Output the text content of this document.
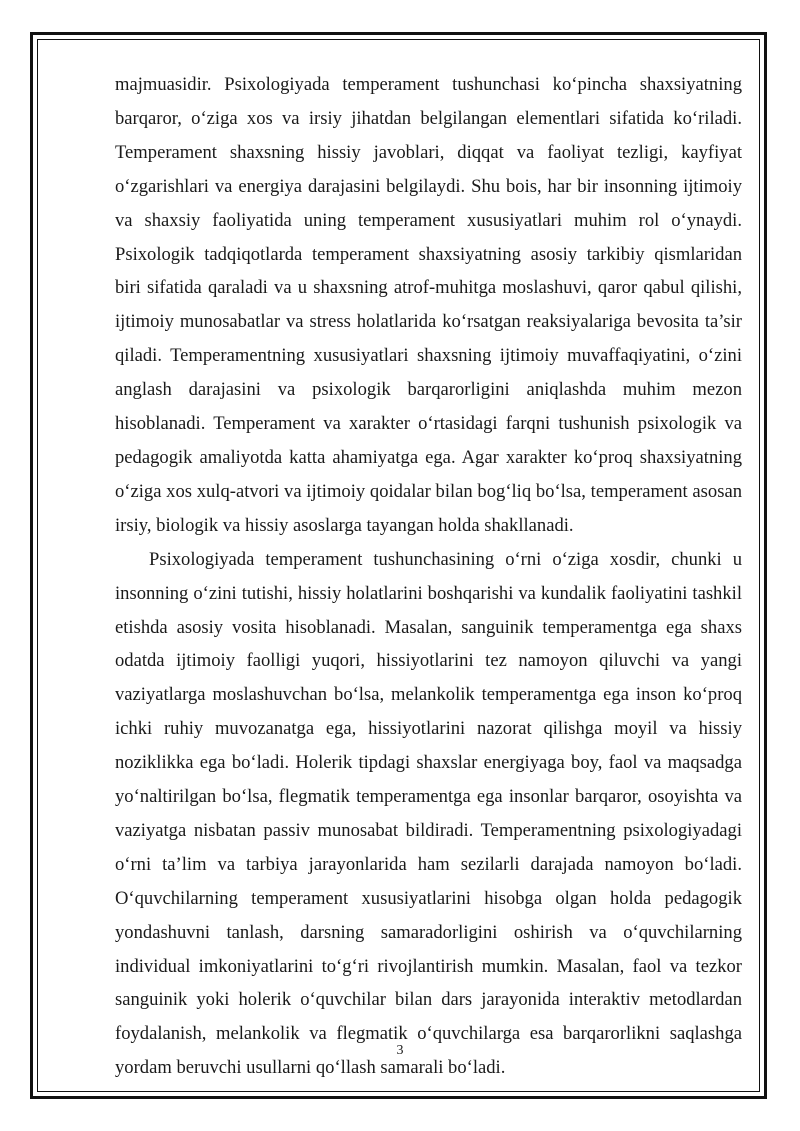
majmuasidir. Psixologiyada temperament tushunchasi ko‘pincha shaxsiyatning barqaror, o‘ziga xos va irsiy jihatdan belgilangan elementlari sifatida ko‘riladi. Temperament shaxsning hissiy javoblari, diqqat va faoliyat tezligi, kayfiyat o‘zgarishlari va energiya darajasini belgilaydi. Shu bois, har bir insonning ijtimoiy va shaxsiy faoliyatida uning temperament xususiyatlari muhim rol o‘ynaydi. Psixologik tadqiqotlarda temperament shaxsiyatning asosiy tarkibiy qismlaridan biri sifatida qaraladi va u shaxsning atrof-muhitga moslashuvi, qaror qabul qilishi, ijtimoiy munosabatlar va stress holatlarida ko‘rsatgan reaksiyalariga bevosita ta’sir qiladi. Temperamentning xususiyatlari shaxsning ijtimoiy muvaffaqiyatini, o‘zini anglash darajasini va psixologik barqarorligini aniqlashda muhim mezon hisoblanadi. Temperament va xarakter o‘rtasidagi farqni tushunish psixologik va pedagogik amaliyotda katta ahamiyatga ega. Agar xarakter ko‘proq shaxsiyatning o‘ziga xos xulq-atvori va ijtimoiy qoidalar bilan bog‘liq bo‘lsa, temperament asosan irsiy, biologik va hissiy asoslarga tayangan holda shakllanadi.

Psixologiyada temperament tushunchasining o‘rni o‘ziga xosdir, chunki u insonning o‘zini tutishi, hissiy holatlarini boshqarishi va kundalik faoliyatini tashkil etishda asosiy vosita hisoblanadi. Masalan, sanguinik temperamentga ega shaxs odatda ijtimoiy faolligi yuqori, hissiyotlarini tez namoyon qiluvchi va yangi vaziyatlarga moslashuvchan bo‘lsa, melankolik temperamentga ega inson ko‘proq ichki ruhiy muvozanatga ega, hissiyotlarini nazorat qilishga moyil va hissiy noziklikka ega bo‘ladi. Holerik tipdagi shaxslar energiyaga boy, faol va maqsadga yo‘naltirilgan bo‘lsa, flegmatik temperamentga ega insonlar barqaror, osoyishta va vaziyatga nisbatan passiv munosabat bildiradi. Temperamentning psixologiyadagi o‘rni ta’lim va tarbiya jarayonlarida ham sezilarli darajada namoyon bo‘ladi. O‘quvchilarning temperament xususiyatlarini hisobga olgan holda pedagogik yondashuvni tanlash, darsning samaradorligini oshirish va o‘quvchilarning individual imkoniyatlarini to‘g‘ri rivojlantirish mumkin. Masalan, faol va tezkor sanguinik yoki holerik o‘quvchilar bilan dars jarayonida interaktiv metodlardan foydalanish, melankolik va flegmatik o‘quvchilarga esa barqarorlikni saqlashga yordam beruvchi usullarni qo‘llash samarali bo‘ladi.

3
